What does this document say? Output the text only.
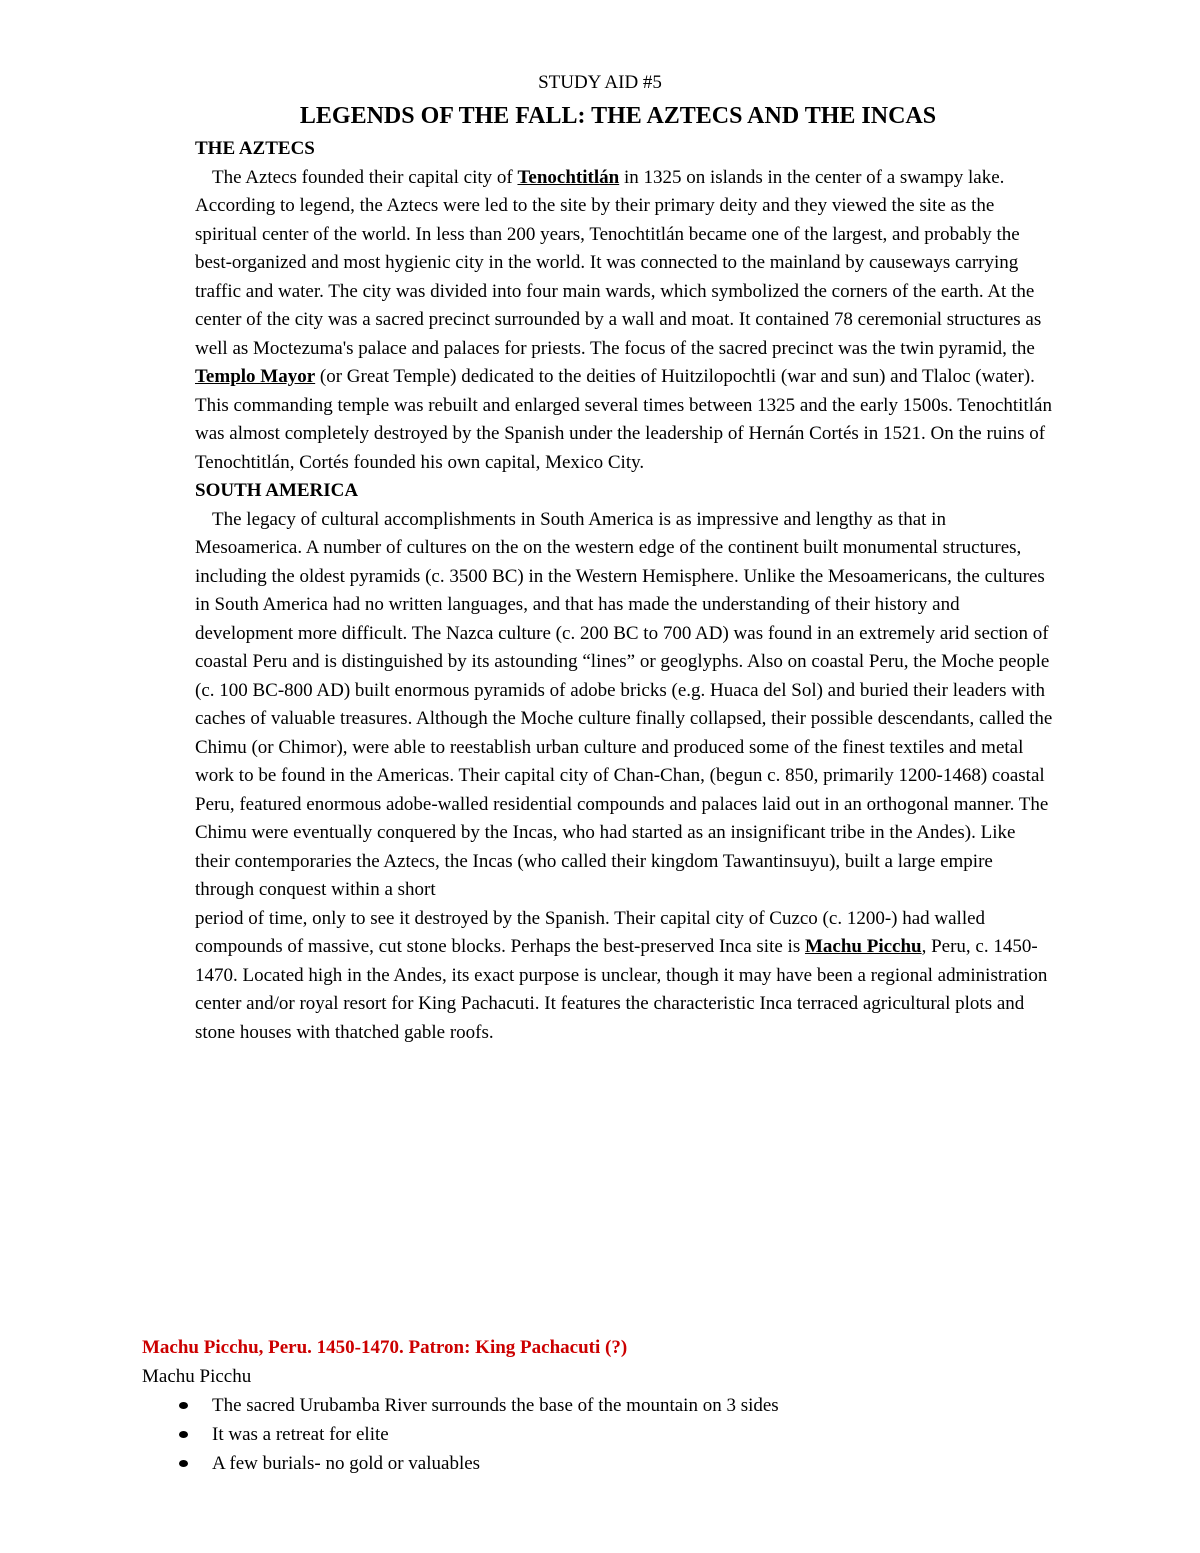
STUDY AID #5
LEGENDS OF THE FALL: THE AZTECS AND THE INCAS
THE AZTECS
The Aztecs founded their capital city of Tenochtitlán in 1325 on islands in the center of a swampy lake. According to legend, the Aztecs were led to the site by their primary deity and they viewed the site as the spiritual center of the world. In less than 200 years, Tenochtitlán became one of the largest, and probably the best-organized and most hygienic city in the world. It was connected to the mainland by causeways carrying traffic and water. The city was divided into four main wards, which symbolized the corners of the earth. At the center of the city was a sacred precinct surrounded by a wall and moat. It contained 78 ceremonial structures as well as Moctezuma's palace and palaces for priests. The focus of the sacred precinct was the twin pyramid, the Templo Mayor (or Great Temple) dedicated to the deities of Huitzilopochtli (war and sun) and Tlaloc (water). This commanding temple was rebuilt and enlarged several times between 1325 and the early 1500s. Tenochtitlán was almost completely destroyed by the Spanish under the leadership of Hernán Cortés in 1521. On the ruins of Tenochtitlán, Cortés founded his own capital, Mexico City.
SOUTH AMERICA
The legacy of cultural accomplishments in South America is as impressive and lengthy as that in Mesoamerica. A number of cultures on the on the western edge of the continent built monumental structures, including the oldest pyramids (c. 3500 BC) in the Western Hemisphere. Unlike the Mesoamericans, the cultures in South America had no written languages, and that has made the understanding of their history and development more difficult. The Nazca culture (c. 200 BC to 700 AD) was found in an extremely arid section of coastal Peru and is distinguished by its astounding “lines” or geoglyphs. Also on coastal Peru, the Moche people (c. 100 BC-800 AD) built enormous pyramids of adobe bricks (e.g. Huaca del Sol) and buried their leaders with caches of valuable treasures. Although the Moche culture finally collapsed, their possible descendants, called the Chimu (or Chimor), were able to reestablish urban culture and produced some of the finest textiles and metal work to be found in the Americas. Their capital city of Chan-Chan, (begun c. 850, primarily 1200-1468) coastal Peru, featured enormous adobe-walled residential compounds and palaces laid out in an orthogonal manner. The Chimu were eventually conquered by the Incas, who had started as an insignificant tribe in the Andes). Like their contemporaries the Aztecs, the Incas (who called their kingdom Tawantinsuyu), built a large empire through conquest within a short
period of time, only to see it destroyed by the Spanish. Their capital city of Cuzco (c. 1200-) had walled compounds of massive, cut stone blocks. Perhaps the best-preserved Inca site is Machu Picchu, Peru, c. 1450-1470. Located high in the Andes, its exact purpose is unclear, though it may have been a regional administration center and/or royal resort for King Pachacuti. It features the characteristic Inca terraced agricultural plots and stone houses with thatched gable roofs.
Machu Picchu, Peru. 1450-1470. Patron: King Pachacuti (?)
Machu Picchu
The sacred Urubamba River surrounds the base of the mountain on 3 sides
It was a retreat for elite
A few burials- no gold or valuables
